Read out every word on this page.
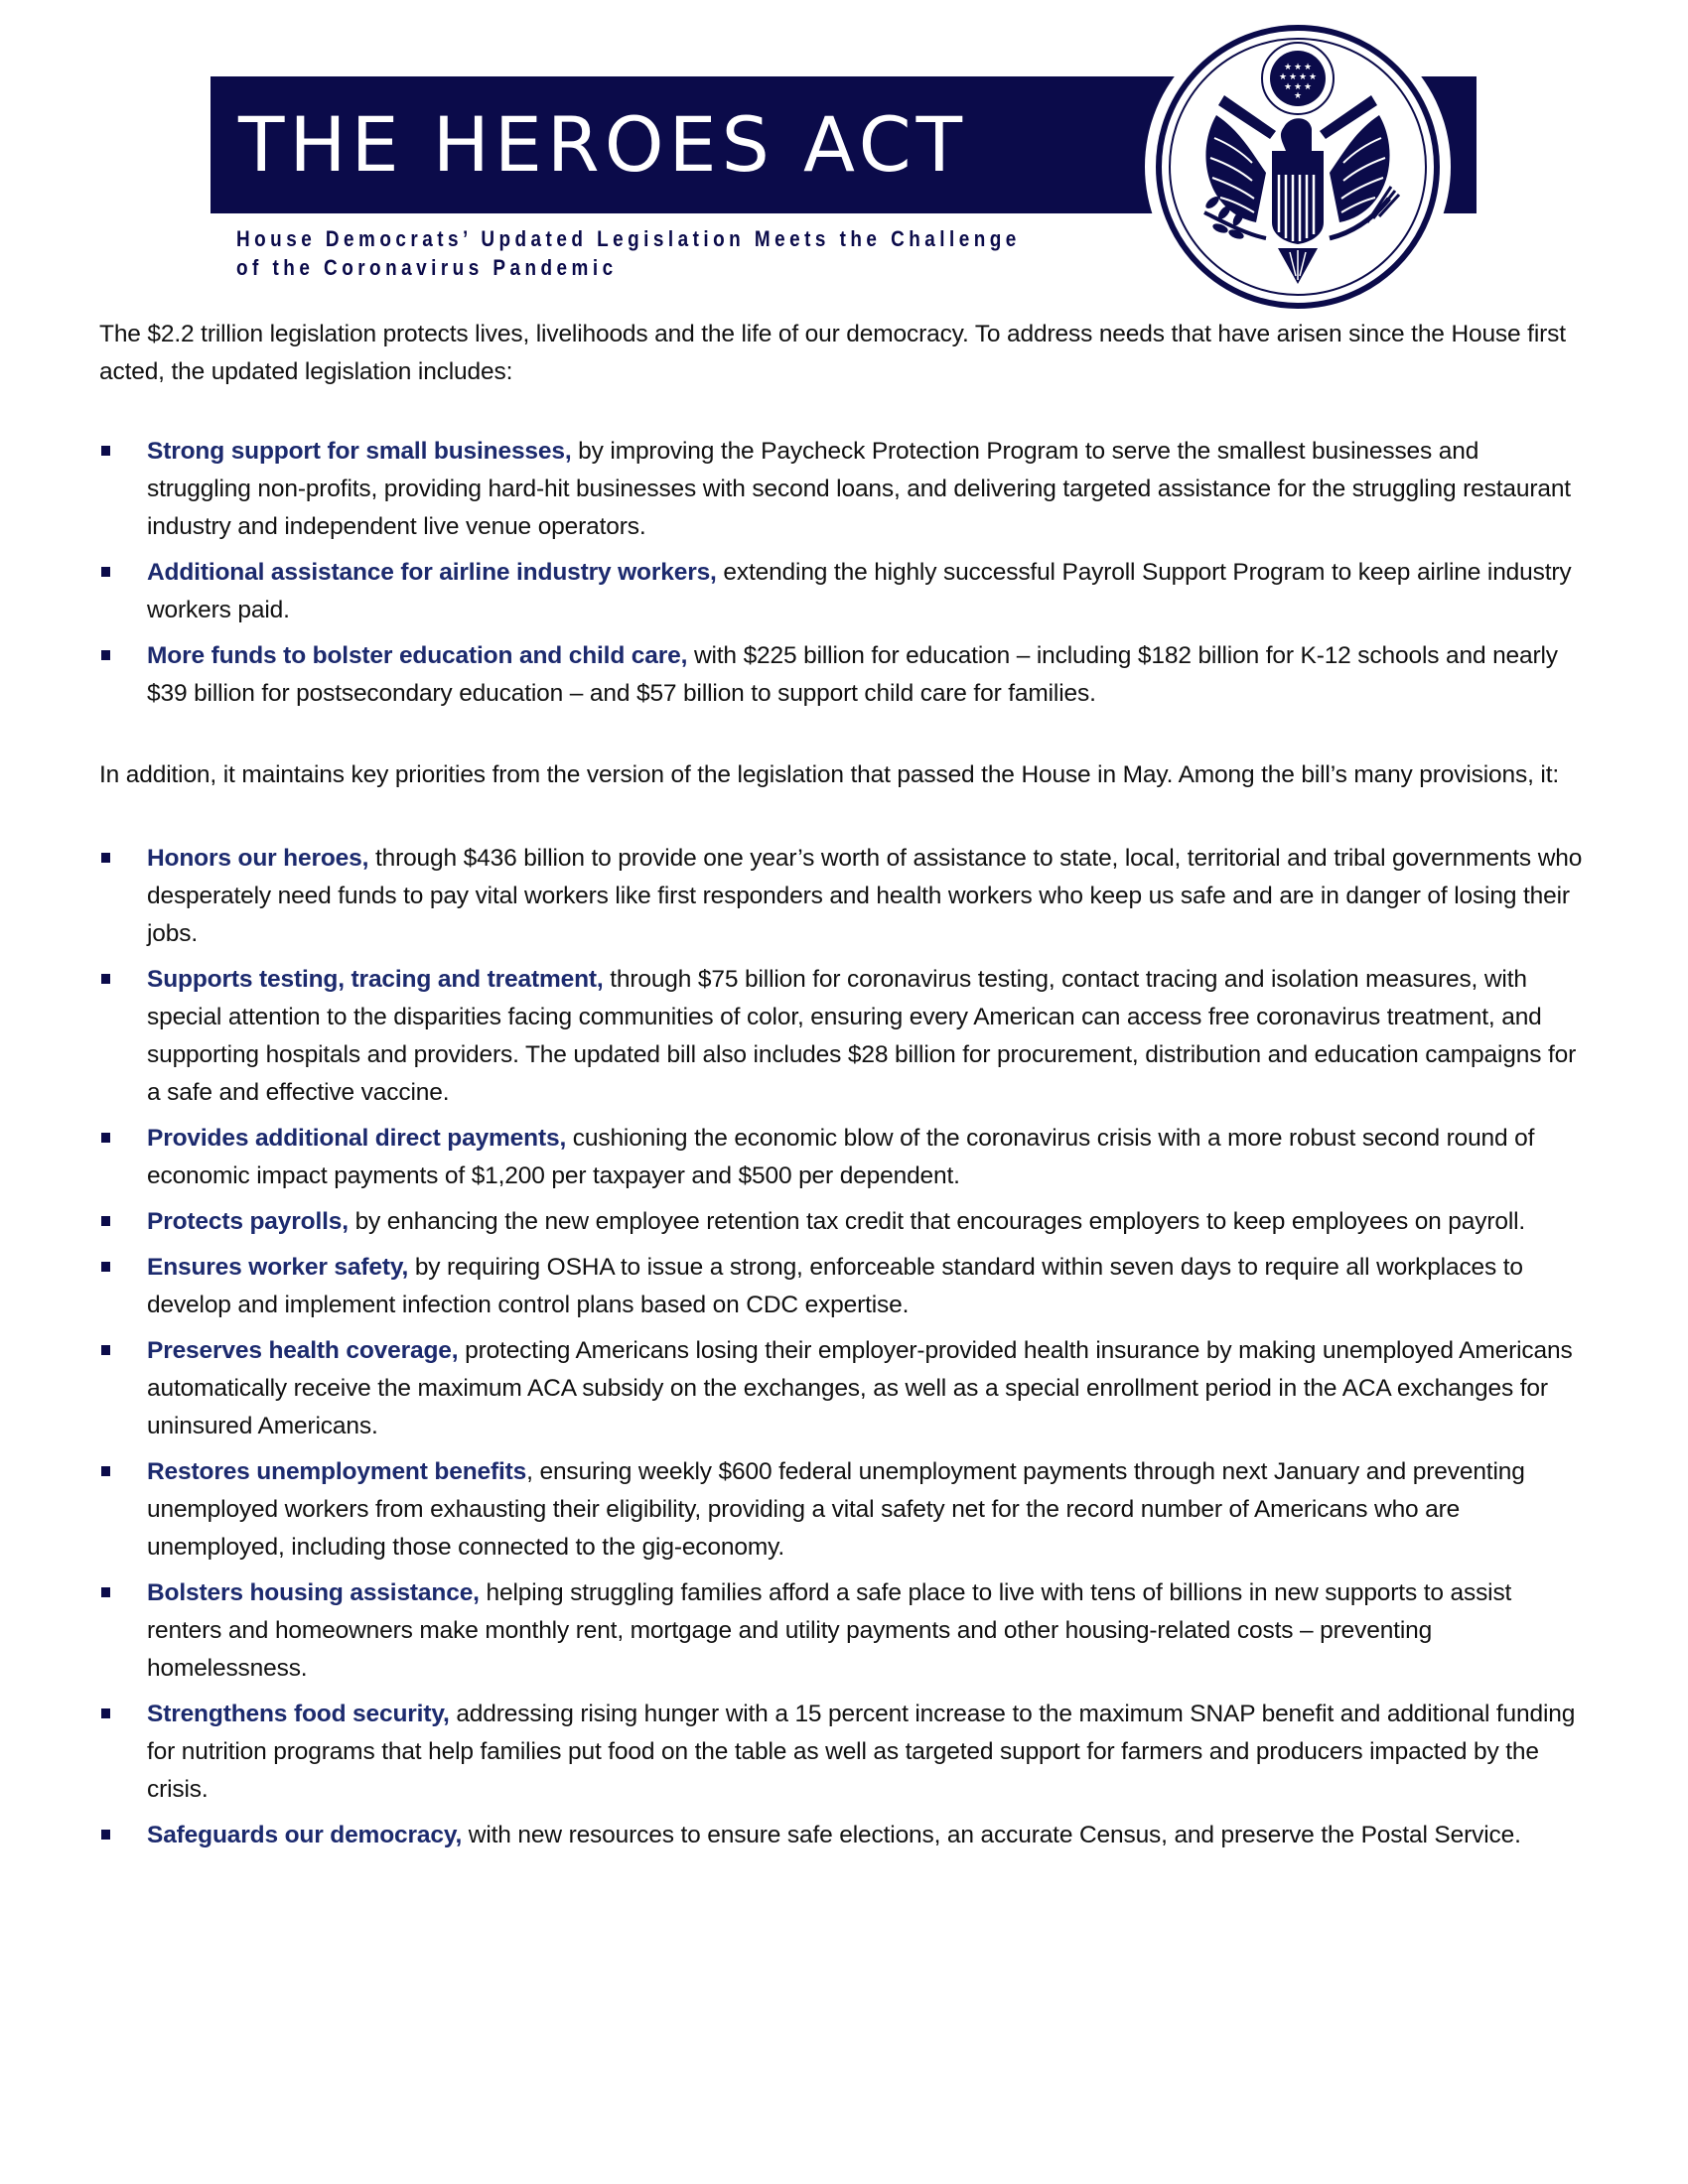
THE HEROES ACT
House Democrats’ Updated Legislation Meets the Challenge
of the Coronavirus Pandemic
★ ★ ★
★ ★ ★ ★
★ ★ ★
★

The $2.2 trillion legislation protects lives, livelihoods and the life of our democracy. To address needs that have arisen since the House first acted, the updated legislation includes:

Strong support for small businesses, by improving the Paycheck Protection Program to serve the smallest businesses and struggling non-profits, providing hard-hit businesses with second loans, and delivering targeted assistance for the struggling restaurant industry and independent live venue operators.
Additional assistance for airline industry workers, extending the highly successful Payroll Support Program to keep airline industry workers paid.
More funds to bolster education and child care, with $225 billion for education – including $182 billion for K-12 schools and nearly $39 billion for postsecondary education – and $57 billion to support child care for families.

In addition, it maintains key priorities from the version of the legislation that passed the House in May. Among the bill’s many provisions, it:

Honors our heroes, through $436 billion to provide one year’s worth of assistance to state, local, territorial and tribal governments who desperately need funds to pay vital workers like first responders and health workers who keep us safe and are in danger of losing their jobs.
Supports testing, tracing and treatment, through $75 billion for coronavirus testing, contact tracing and isolation measures, with special attention to the disparities facing communities of color, ensuring every American can access free coronavirus treatment, and supporting hospitals and providers. The updated bill also includes $28 billion for procurement, distribution and education campaigns for a safe and effective vaccine.
Provides additional direct payments, cushioning the economic blow of the coronavirus crisis with a more robust second round of economic impact payments of $1,200 per taxpayer and $500 per dependent.
Protects payrolls, by enhancing the new employee retention tax credit that encourages employers to keep employees on payroll.
Ensures worker safety, by requiring OSHA to issue a strong, enforceable standard within seven days to require all workplaces to develop and implement infection control plans based on CDC expertise.
Preserves health coverage, protecting Americans losing their employer-provided health insurance by making unemployed Americans automatically receive the maximum ACA subsidy on the exchanges, as well as a special enrollment period in the ACA exchanges for uninsured Americans.
Restores unemployment benefits, ensuring weekly $600 federal unemployment payments through next January and preventing unemployed workers from exhausting their eligibility, providing a vital safety net for the record number of Americans who are unemployed, including those connected to the gig-economy.
Bolsters housing assistance, helping struggling families afford a safe place to live with tens of billions in new supports to assist renters and homeowners make monthly rent, mortgage and utility payments and other housing-related costs – preventing homelessness.
Strengthens food security, addressing rising hunger with a 15 percent increase to the maximum SNAP benefit and additional funding for nutrition programs that help families put food on the table as well as targeted support for farmers and producers impacted by the crisis.
Safeguards our democracy, with new resources to ensure safe elections, an accurate Census, and preserve the Postal Service.
